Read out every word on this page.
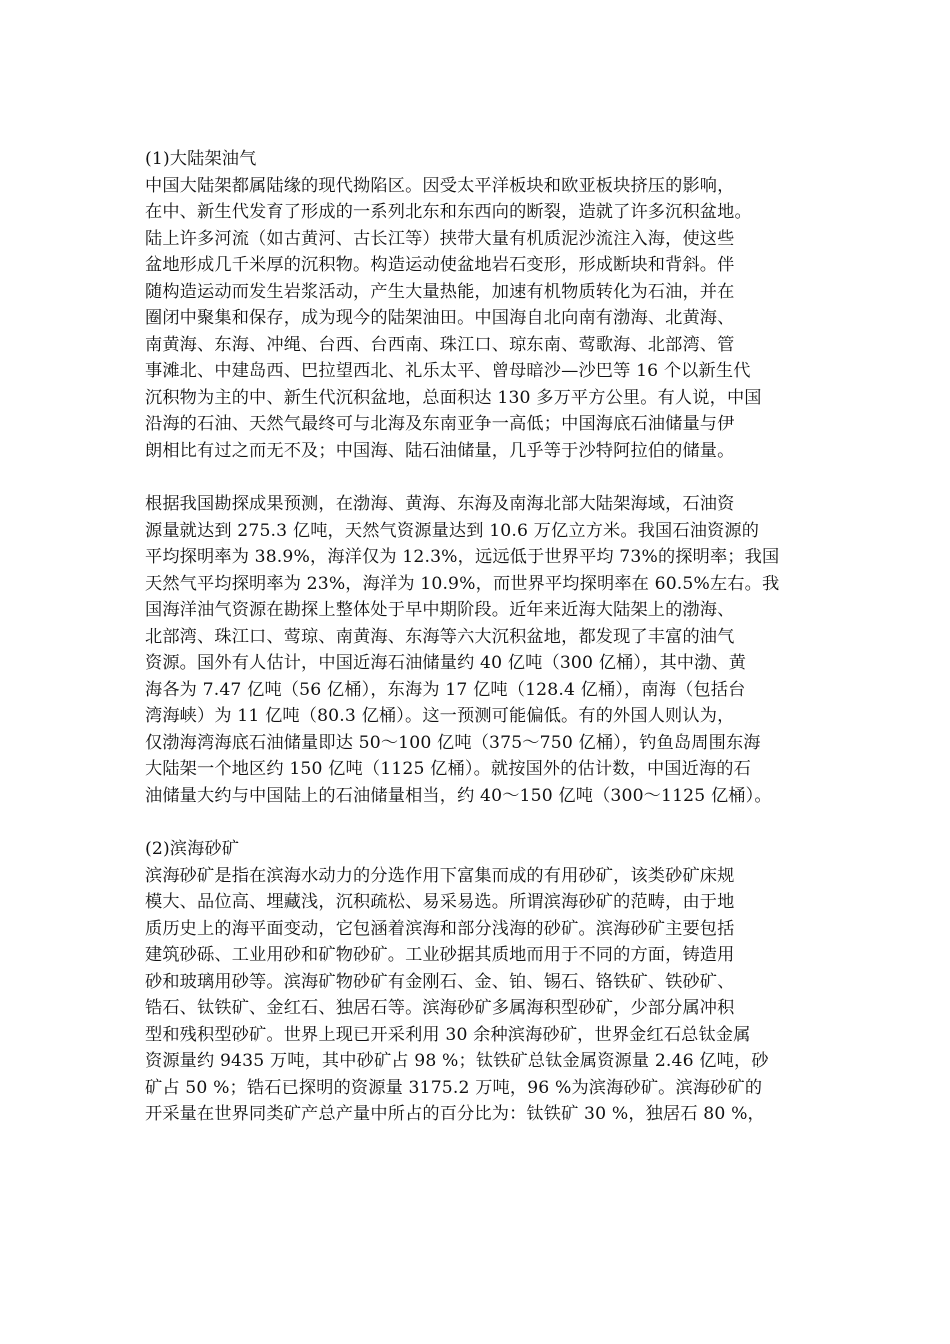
(1)大陆架油气
中国大陆架都属陆缘的现代拗陷区。因受太平洋板块和欧亚板块挤压的影响，
在中、新生代发育了形成的一系列北东和东西向的断裂，造就了许多沉积盆地。
陆上许多河流（如古黄河、古长江等）挟带大量有机质泥沙流注入海，使这些
盆地形成几千米厚的沉积物。构造运动使盆地岩石变形，形成断块和背斜。伴
随构造运动而发生岩浆活动，产生大量热能，加速有机物质转化为石油，并在
圈闭中聚集和保存，成为现今的陆架油田。中国海自北向南有渤海、北黄海、
南黄海、东海、冲绳、台西、台西南、珠江口、琼东南、莺歌海、北部湾、管
事滩北、中建岛西、巴拉望西北、礼乐太平、曾母暗沙—沙巴等 16 个以新生代
沉积物为主的中、新生代沉积盆地，总面积达 130 多万平方公里。有人说，中国
沿海的石油、天然气最终可与北海及东南亚争一高低；中国海底石油储量与伊
朗相比有过之而无不及；中国海、陆石油储量，几乎等于沙特阿拉伯的储量。
根据我国勘探成果预测，在渤海、黄海、东海及南海北部大陆架海域，石油资
源量就达到 275.3 亿吨，天然气资源量达到 10.6 万亿立方米。我国石油资源的
平均探明率为 38.9%，海洋仅为 12.3%，远远低于世界平均 73%的探明率；我国
天然气平均探明率为 23%，海洋为 10.9%，而世界平均探明率在 60.5%左右。我
国海洋油气资源在勘探上整体处于早中期阶段。近年来近海大陆架上的渤海、
北部湾、珠江口、莺琼、南黄海、东海等六大沉积盆地，都发现了丰富的油气
资源。国外有人估计，中国近海石油储量约 40 亿吨（300 亿桶），其中渤、黄
海各为 7.47 亿吨（56 亿桶），东海为 17 亿吨（128.4 亿桶），南海（包括台
湾海峡）为 11 亿吨（80.3 亿桶）。这一预测可能偏低。有的外国人则认为，
仅渤海湾海底石油储量即达 50～100 亿吨（375～750 亿桶），钓鱼岛周围东海
大陆架一个地区约 150 亿吨（1125 亿桶）。就按国外的估计数，中国近海的石
油储量大约与中国陆上的石油储量相当，约 40～150 亿吨（300～1125 亿桶）。
(2)滨海砂矿
滨海砂矿是指在滨海水动力的分选作用下富集而成的有用砂矿，该类砂矿床规
模大、品位高、埋藏浅，沉积疏松、易采易选。所谓滨海砂矿的范畴，由于地
质历史上的海平面变动，它包涵着滨海和部分浅海的砂矿。滨海砂矿主要包括
建筑砂砾、工业用砂和矿物砂矿。工业砂据其质地而用于不同的方面，铸造用
砂和玻璃用砂等。滨海矿物砂矿有金刚石、金、铂、锡石、铬铁矿、铁砂矿、
锆石、钛铁矿、金红石、独居石等。滨海砂矿多属海积型砂矿，少部分属冲积
型和残积型砂矿。世界上现已开采利用 30 余种滨海砂矿，世界金红石总钛金属
资源量约 9435 万吨，其中砂矿占 98 %；钛铁矿总钛金属资源量 2.46 亿吨，砂
矿占 50 %；锆石已探明的资源量 3175.2 万吨，96 %为滨海砂矿。滨海砂矿的
开采量在世界同类矿产总产量中所占的百分比为：钛铁矿 30 %，独居石 80 %，
